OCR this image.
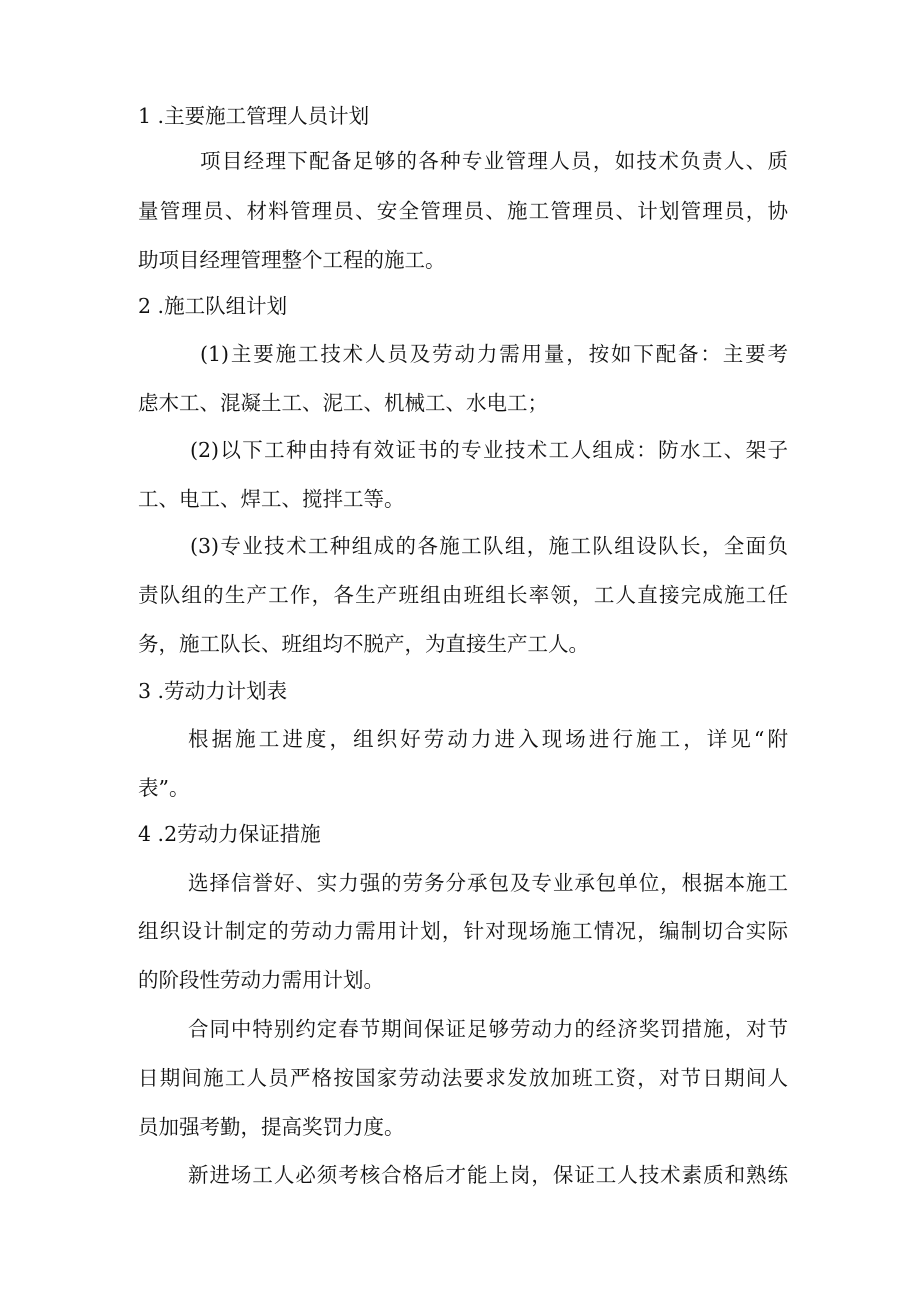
1 .主要施工管理人员计划
项目经理下配备足够的各种专业管理人员，如技术负责人、质
量管理员、材料管理员、安全管理员、施工管理员、计划管理员，协
助项目经理管理整个工程的施工。
2 .施工队组计划
(1)主要施工技术人员及劳动力需用量，按如下配备：主要考
虑木工、混凝土工、泥工、机械工、水电工；
(2)以下工种由持有效证书的专业技术工人组成：防水工、架子
工、电工、焊工、搅拌工等。
(3)专业技术工种组成的各施工队组，施工队组设队长，全面负
责队组的生产工作，各生产班组由班组长率领，工人直接完成施工任
务，施工队长、班组均不脱产，为直接生产工人。
3 .劳动力计划表
根据施工进度，组织好劳动力进入现场进行施工，详见“附
表”。
4 .2劳动力保证措施
选择信誉好、实力强的劳务分承包及专业承包单位，根据本施工
组织设计制定的劳动力需用计划，针对现场施工情况，编制切合实际
的阶段性劳动力需用计划。
合同中特别约定春节期间保证足够劳动力的经济奖罚措施，对节
日期间施工人员严格按国家劳动法要求发放加班工资，对节日期间人
员加强考勤，提高奖罚力度。
新进场工人必须考核合格后才能上岗，保证工人技术素质和熟练
